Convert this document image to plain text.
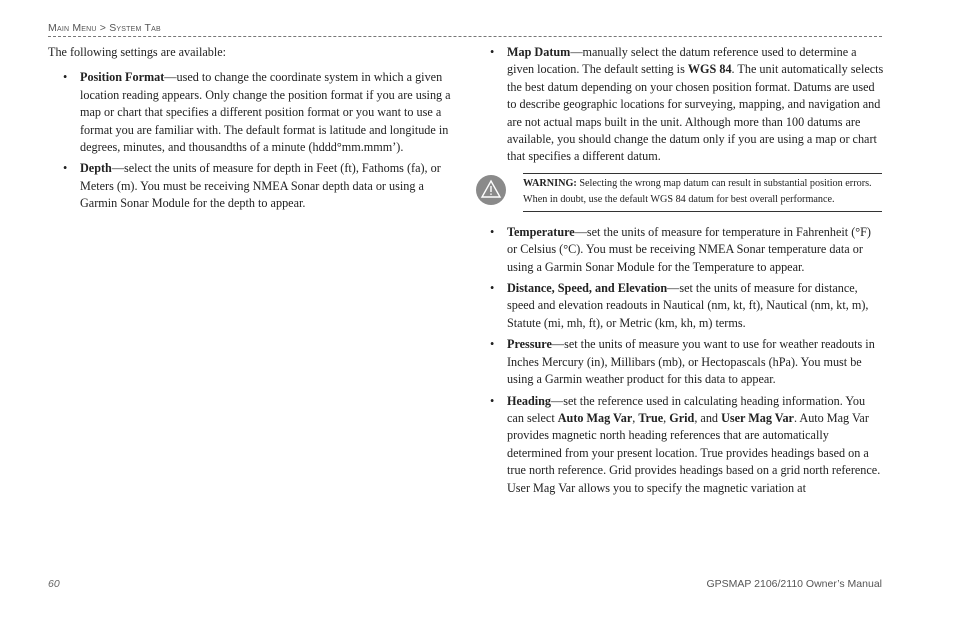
Main Menu > System Tab

The following settings are available:

• Position Format—used to change the coordinate system in which a given location reading appears. Only change the position format if you are using a map or chart that specifies a different position format or you want to use a format you are familiar with. The default format is latitude and longitude in degrees, minutes, and thousandths of a minute (hddd°mm.mmm’).
• Depth—select the units of measure for depth in Feet (ft), Fathoms (fa), or Meters (m). You must be receiving NMEA Sonar depth data or using a Garmin Sonar Module for the depth to appear.
• Map Datum—manually select the datum reference used to determine a given location. The default setting is WGS 84. The unit automatically selects the best datum depending on your chosen position format. Datums are used to describe geographic locations for surveying, mapping, and navigation and are not actual maps built in the unit. Although more than 100 datums are available, you should change the datum only if you are using a map or chart that specifies a different datum.
WARNING: Selecting the wrong map datum can result in substantial position errors. When in doubt, use the default WGS 84 datum for best overall performance.
• Temperature—set the units of measure for temperature in Fahrenheit (°F) or Celsius (°C). You must be receiving NMEA Sonar temperature data or using a Garmin Sonar Module for the Temperature to appear.
• Distance, Speed, and Elevation—set the units of measure for distance, speed and elevation readouts in Nautical (nm, kt, ft), Nautical (nm, kt, m), Statute (mi, mh, ft), or Metric (km, kh, m) terms.
• Pressure—set the units of measure you want to use for weather readouts in Inches Mercury (in), Millibars (mb), or Hectopascals (hPa). You must be using a Garmin weather product for this data to appear.
• Heading—set the reference used in calculating heading information. You can select Auto Mag Var, True, Grid, and User Mag Var. Auto Mag Var provides magnetic north heading references that are automatically determined from your present location. True provides headings based on a true north reference. Grid provides headings based on a grid north reference. User Mag Var allows you to specify the magnetic variation at
60	GPSMAP 2106/2110 Owner’s Manual
